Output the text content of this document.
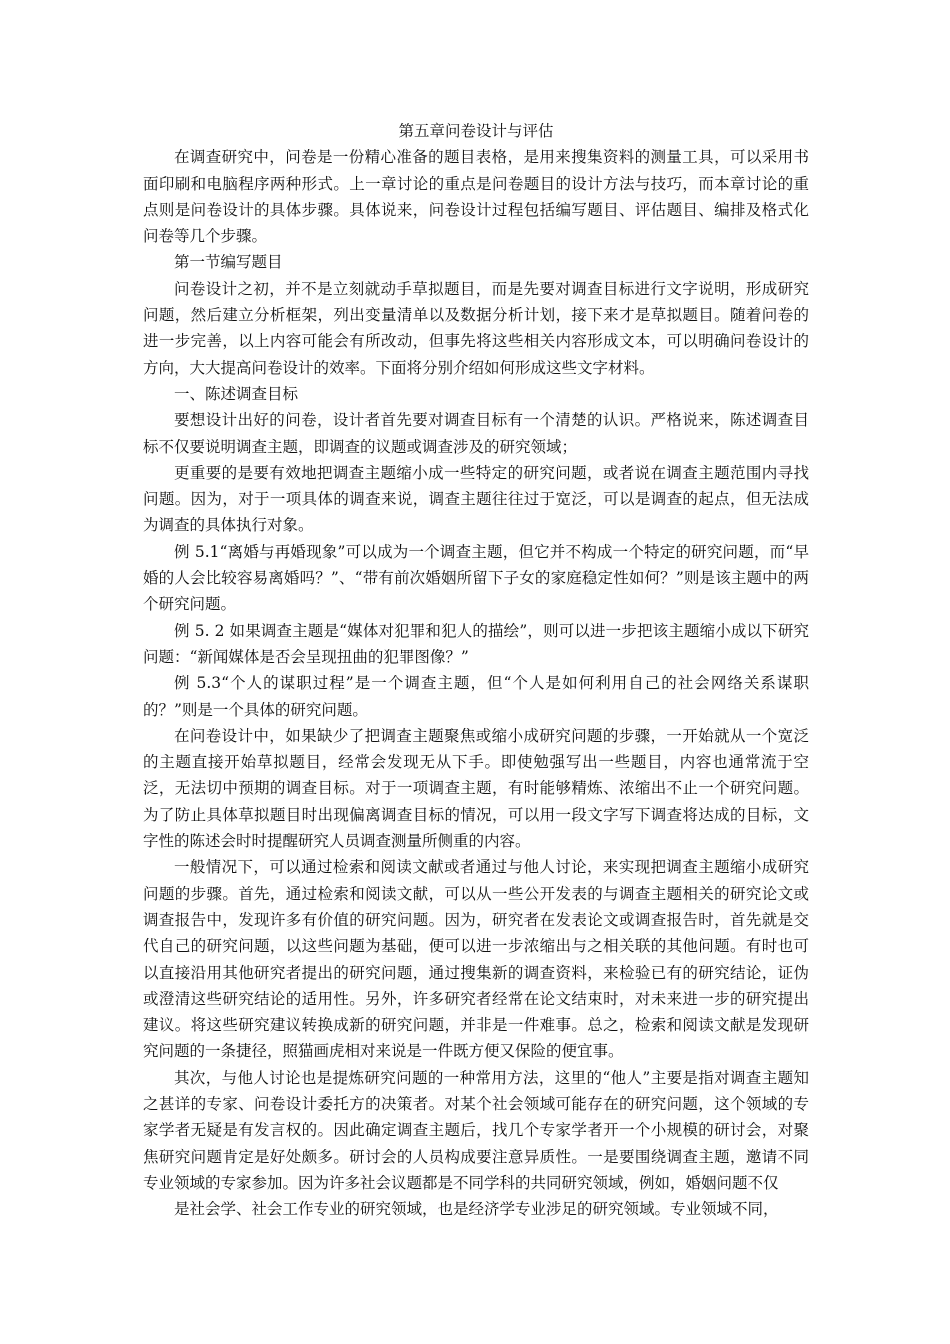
第五章问卷设计与评估

在调查研究中，问卷是一份精心准备的题目表格，是用来搜集资料的测量工具，可以采用书面印刷和电脑程序两种形式。上一章讨论的重点是问卷题目的设计方法与技巧，而本章讨论的重点则是问卷设计的具体步骤。具体说来，问卷设计过程包括编写题目、评估题目、编排及格式化问卷等几个步骤。

第一节编写题目

问卷设计之初，并不是立刻就动手草拟题目，而是先要对调查目标进行文字说明，形成研究问题，然后建立分析框架，列出变量清单以及数据分析计划，接下来才是草拟题目。随着问卷的进一步完善，以上内容可能会有所改动，但事先将这些相关内容形成文本，可以明确问卷设计的方向，大大提高问卷设计的效率。下面将分别介绍如何形成这些文字材料。

一、陈述调查目标

要想设计出好的问卷，设计者首先要对调查目标有一个清楚的认识。严格说来，陈述调查目标不仅要说明调查主题，即调查的议题或调查涉及的研究领域；

更重要的是要有效地把调查主题缩小成一些特定的研究问题，或者说在调查主题范围内寻找问题。因为，对于一项具体的调查来说，调查主题往往过于宽泛，可以是调查的起点，但无法成为调查的具体执行对象。

例 5.1“离婚与再婚现象”可以成为一个调查主题，但它并不构成一个特定的研究问题，而“早婚的人会比较容易离婚吗？”、“带有前次婚姻所留下子女的家庭稳定性如何？”则是该主题中的两个研究问题。

例 5. 2 如果调查主题是“媒体对犯罪和犯人的描绘”，则可以进一步把该主题缩小成以下研究问题：“新闻媒体是否会呈现扭曲的犯罪图像？”

例 5.3“个人的谋职过程”是一个调查主题，但“个人是如何利用自己的社会网络关系谋职的？”则是一个具体的研究问题。

在问卷设计中，如果缺少了把调查主题聚焦或缩小成研究问题的步骤，一开始就从一个宽泛的主题直接开始草拟题目，经常会发现无从下手。即使勉强写出一些题目，内容也通常流于空泛，无法切中预期的调查目标。对于一项调查主题，有时能够精炼、浓缩出不止一个研究问题。为了防止具体草拟题目时出现偏离调查目标的情况，可以用一段文字写下调查将达成的目标，文字性的陈述会时时提醒研究人员调查测量所侧重的内容。

一般情况下，可以通过检索和阅读文献或者通过与他人讨论，来实现把调查主题缩小成研究问题的步骤。首先，通过检索和阅读文献，可以从一些公开发表的与调查主题相关的研究论文或调查报告中，发现许多有价值的研究问题。因为，研究者在发表论文或调查报告时，首先就是交代自己的研究问题，以这些问题为基础，便可以进一步浓缩出与之相关联的其他问题。有时也可以直接沿用其他研究者提出的研究问题，通过搜集新的调查资料，来检验已有的研究结论，证伪或澄清这些研究结论的适用性。另外，许多研究者经常在论文结束时，对未来进一步的研究提出建议。将这些研究建议转换成新的研究问题，并非是一件难事。总之，检索和阅读文献是发现研究问题的一条捷径，照猫画虎相对来说是一件既方便又保险的便宜事。

其次，与他人讨论也是提炼研究问题的一种常用方法，这里的“他人”主要是指对调查主题知之甚详的专家、问卷设计委托方的决策者。对某个社会领域可能存在的研究问题，这个领域的专家学者无疑是有发言权的。因此确定调查主题后，找几个专家学者开一个小规模的研讨会，对聚焦研究问题肯定是好处颇多。研讨会的人员构成要注意异质性。一是要围绕调查主题，邀请不同专业领域的专家参加。因为许多社会议题都是不同学科的共同研究领域，例如，婚姻问题不仅

是社会学、社会工作专业的研究领域，也是经济学专业涉足的研究领域。专业领域不同，
